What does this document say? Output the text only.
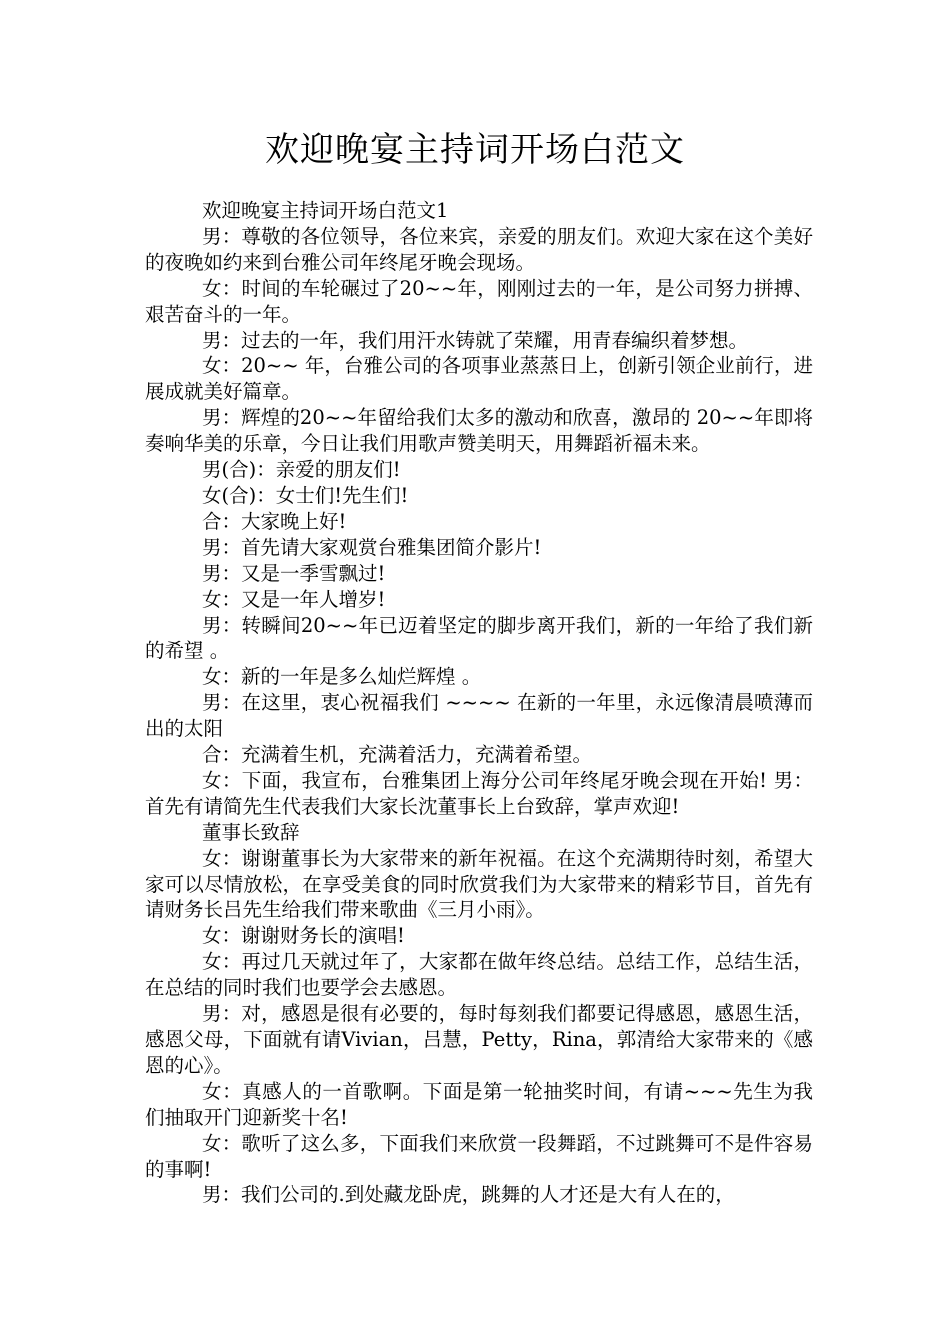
欢迎晚宴主持词开场白范文

欢迎晚宴主持词开场白范文1

男：尊敬的各位领导，各位来宾，亲爱的朋友们。欢迎大家在这个美好的夜晚如约来到台雅公司年终尾牙晚会现场。

女：时间的车轮碾过了20~~年，刚刚过去的一年，是公司努力拼搏、艰苦奋斗的一年。

男：过去的一年，我们用汗水铸就了荣耀，用青春编织着梦想。

女：20~~ 年，台雅公司的各项事业蒸蒸日上，创新引领企业前行，进展成就美好篇章。

男：辉煌的20~~年留给我们太多的激动和欣喜，激昂的 20~~年即将奏响华美的乐章，今日让我们用歌声赞美明天，用舞蹈祈福未来。

男(合)：亲爱的朋友们!

女(合)：女士们!先生们!

合：大家晚上好!

男：首先请大家观赏台雅集团简介影片!

男：又是一季雪飘过!

女：又是一年人增岁!

男：转瞬间20~~年已迈着坚定的脚步离开我们，新的一年给了我们新的希望 。

女：新的一年是多么灿烂辉煌 。

男：在这里，衷心祝福我们 ~~~~ 在新的一年里，永远像清晨喷薄而出的太阳

合：充满着生机，充满着活力，充满着希望。

女：下面，我宣布，台雅集团上海分公司年终尾牙晚会现在开始! 男：首先有请简先生代表我们大家长沈董事长上台致辞，掌声欢迎!

董事长致辞

女：谢谢董事长为大家带来的新年祝福。在这个充满期待时刻，希望大家可以尽情放松，在享受美食的同时欣赏我们为大家带来的精彩节目，首先有请财务长吕先生给我们带来歌曲《三月小雨》。

女：谢谢财务长的演唱!

女：再过几天就过年了，大家都在做年终总结。总结工作，总结生活，在总结的同时我们也要学会去感恩。

男：对，感恩是很有必要的，每时每刻我们都要记得感恩，感恩生活，感恩父母，下面就有请Vivian，吕慧，Petty，Rina，郭清给大家带来的《感恩的心》。

女：真感人的一首歌啊。下面是第一轮抽奖时间，有请~~~先生为我们抽取开门迎新奖十名!

女：歌听了这么多，下面我们来欣赏一段舞蹈，不过跳舞可不是件容易的事啊!

男：我们公司的.到处藏龙卧虎，跳舞的人才还是大有人在的，
